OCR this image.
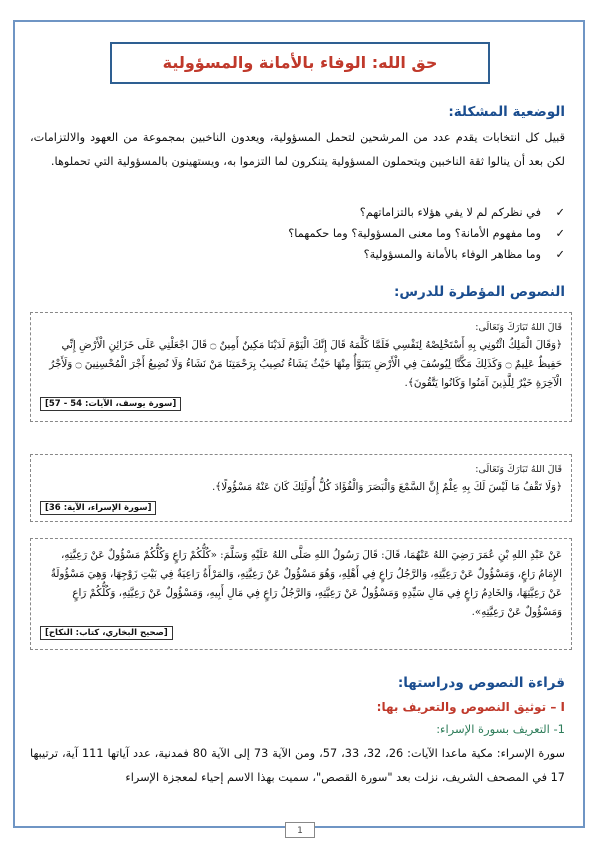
حق الله: الوفاء بالأمانة والمسؤولية
الوضعية المشكلة:
قبيل كل انتخابات يقدم عدد من المرشحين لتحمل المسؤولية، ويعدون الناخبين بمجموعة من العهود والالتزامات، لكن بعد أن ينالوا ثقة الناخبين ويتحملون المسؤولية يتنكرون لما التزموا به، ويستهينون بالمسؤولية التي تحملوها.
✓في نظركم لم لا يفي هؤلاء بالتزاماتهم؟
✓وما مفهوم الأمانة؟ وما معنى المسؤولية؟ وما حكمهما؟
✓وما مظاهر الوفاء بالأمانة والمسؤولية؟
النصوص المؤطرة للدرس:
قَالَ اللهُ تَبَارَكَ وَتَعَالَى:
﴿وَقَالَ الْمَلِكُ ائْتُونِي بِهِ أَسْتَخْلِصْهُ لِنَفْسِي فَلَمَّا كَلَّمَهُ قَالَ إِنَّكَ الْيَوْمَ لَدَيْنَا مَكِينٌ أَمِينٌ ۝ قَالَ اجْعَلْنِي عَلَى خَزَائِنِ الْأَرْضِ إِنِّي حَفِيظٌ عَلِيمٌ ۝ وَكَذَلِكَ مَكَّنَّا لِيُوسُفَ فِي الْأَرْضِ يَتَبَوَّأُ مِنْهَا حَيْثُ يَشَاءُ نُصِيبُ بِرَحْمَتِنَا مَنْ نَشَاءُ وَلَا نُضِيعُ أَجْرَ الْمُحْسِنِينَ ۝ وَلَأَجْرُ الْآخِرَةِ خَيْرٌ لِلَّذِينَ آمَنُوا وَكَانُوا يَتَّقُونَ﴾.
[سورة يوسف، الآيات: 54 - 57]
قَالَ اللهُ تَبَارَكَ وَتَعَالَى:
﴿وَلَا تَقْفُ مَا لَيْسَ لَكَ بِهِ عِلْمٌ إِنَّ السَّمْعَ وَالْبَصَرَ وَالْفُؤَادَ كُلُّ أُولَئِكَ كَانَ عَنْهُ مَسْؤُولًا﴾.
[سورة الإسراء، الآية: 36]
عَنْ عَبْدِ اللهِ بْنِ عُمَرَ رَضِيَ اللهُ عَنْهُمَا، قَالَ: قَالَ رَسُولُ اللهِ صَلَّى اللهُ عَلَيْهِ وَسَلَّمَ: «كُلُّكُمْ رَاعٍ وَكُلُّكُمْ مَسْؤُولٌ عَنْ رَعِيَّتِهِ، الإِمَامُ رَاعٍ، وَمَسْؤُولٌ عَنْ رَعِيَّتِهِ، وَالرَّجُلُ رَاعٍ فِي أَهْلِهِ، وَهُوَ مَسْؤُولٌ عَنْ رَعِيَّتِهِ، وَالمَرْأَةُ رَاعِيَةٌ فِي بَيْتِ زَوْجِهَا، وَهِيَ مَسْؤُولَةٌ عَنْ رَعِيَّتِهَا، وَالخَادِمُ رَاعٍ فِي مَالِ سَيِّدِهِ وَمَسْؤُولٌ عَنْ رَعِيَّتِهِ، وَالرَّجُلُ رَاعٍ فِي مَالِ أَبِيهِ، وَمَسْؤُولٌ عَنْ رَعِيَّتِهِ، وَكُلُّكُمْ رَاعٍ وَمَسْؤُولٌ عَنْ رَعِيَّتِهِ».
[صحيح البخاري، كتاب: النكاح]
قراءة النصوص ودراستها:
I – توثيق النصوص والتعريف بها:
1- التعريف بسورة الإسراء:
سورة الإسراء: مكية ماعدا الآيات: 26، 32، 33، 57، ومن الآية 73 إلى الآية 80 فمدنية، عدد آياتها 111 آية، ترتيبها 17 في المصحف الشريف، نزلت بعد "سورة القصص"، سميت بهذا الاسم إحياء لمعجزة الإسراء
1
